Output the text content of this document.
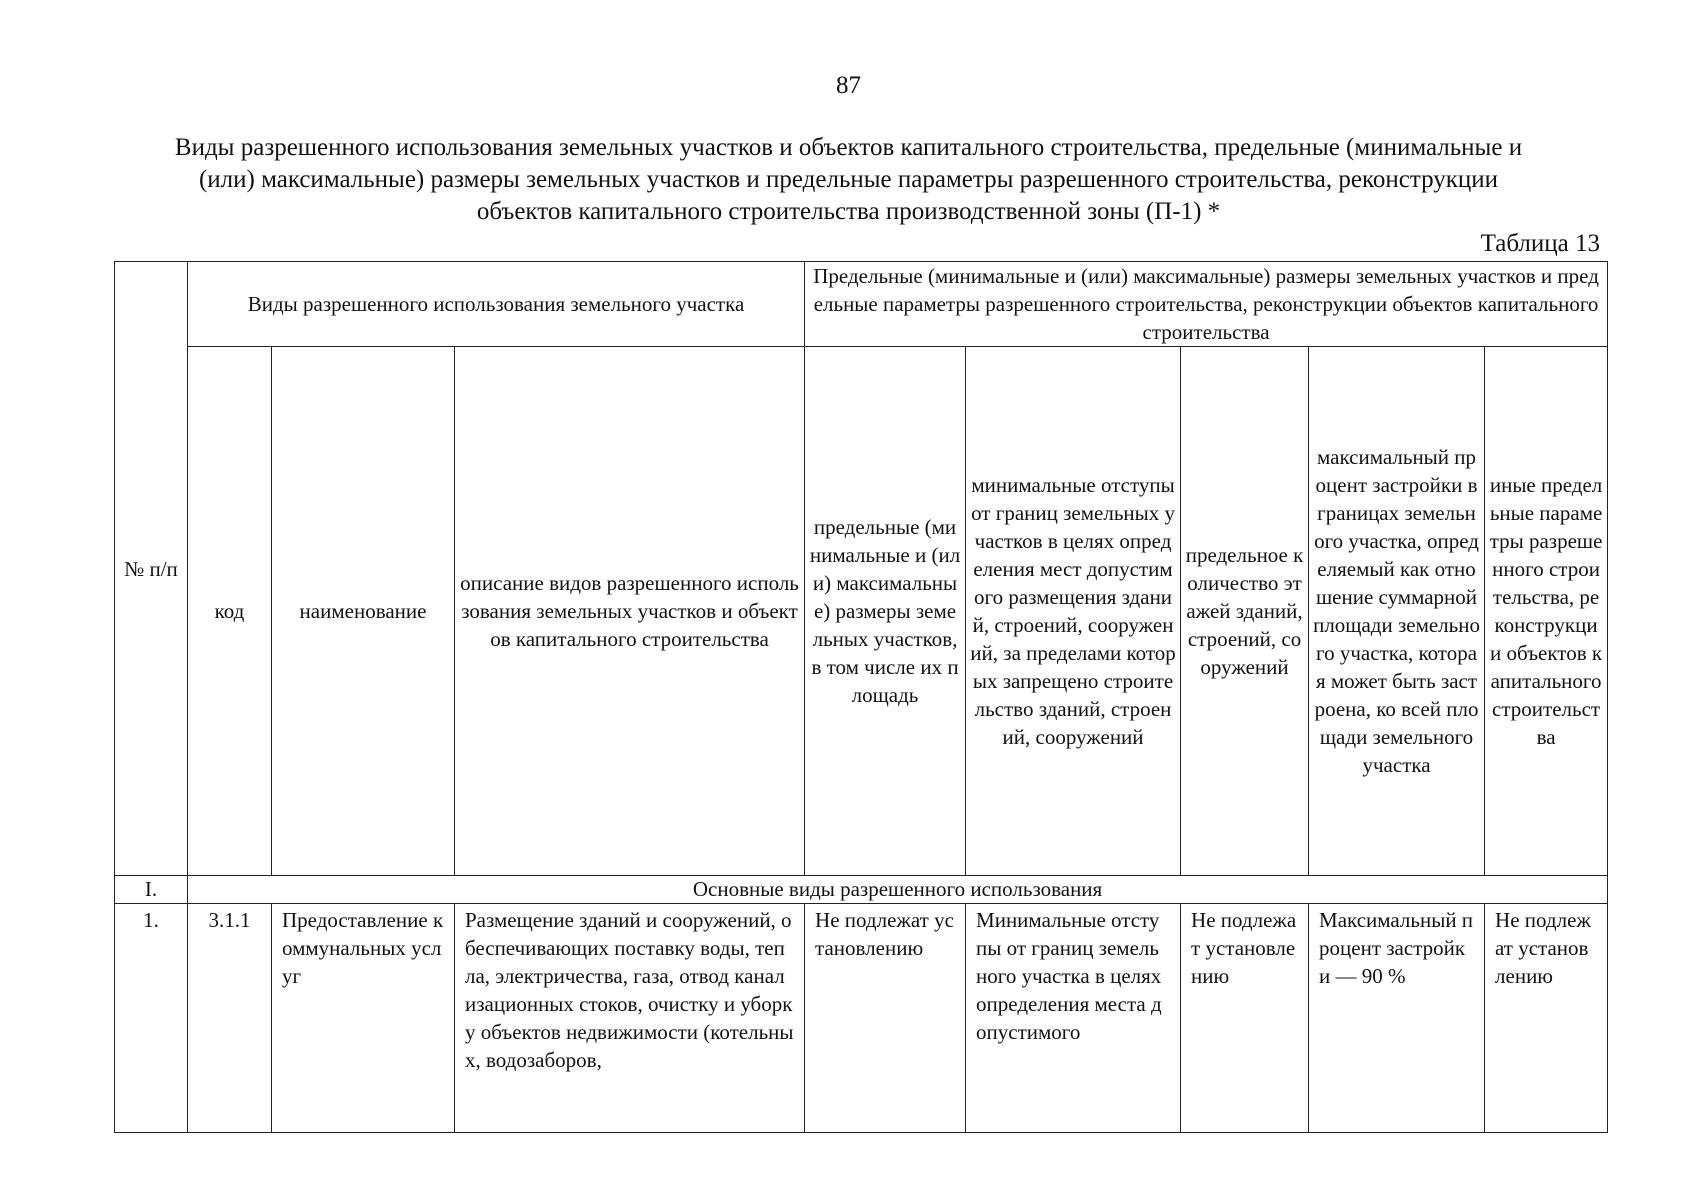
87
Виды разрешенного использования земельных участков и объектов капитального строительства, предельные (минимальные и (или) максимальные) размеры земельных участков и предельные параметры разрешенного строительства, реконструкции объектов капитального строительства производственной зоны (П-1) *
Таблица 13
№ п/п	Виды разрешенного использования земельного участка			Предельные (минимальные и (или) максимальные) размеры земельных участков и предельные параметры разрешенного строительства, реконструкции объектов капитального строительства				
	код	наименование	описание видов разрешенного использования земельных участков и объектов капитального строительства	предельные (минимальные и (или) максимальные) размеры земельных участков, в том числе их площадь	минимальные отступы от границ земельных участков в целях определения мест допустимого размещения зданий, строений, сооружений, за пределами которых запрещено строительство зданий, строений, сооружений	предельное количество этажей зданий, строений, сооружений	максимальный процент застройки в границах земельного участка, определяемый как отношение суммарной площади земельного участка, которая может быть застроена, ко всей площади земельного участка	иные предельные параметры разрешенного строительства, реконструкции объектов капитального строительства
I.	Основные виды разрешенного использования							
1.	3.1.1	Предоставление коммунальных услуг	Размещение зданий и сооружений, обеспечивающих поставку воды, тепла, электричества, газа, отвод канализационных стоков, очистку и уборку объектов недвижимости (котельных, водозаборов,	Не подлежат установлению	Минимальные отступы от границ земельного участка в целях определения места допустимого	Не подлежат установлению	Максимальный процент застройки — 90 %	Не подлежат установлению
